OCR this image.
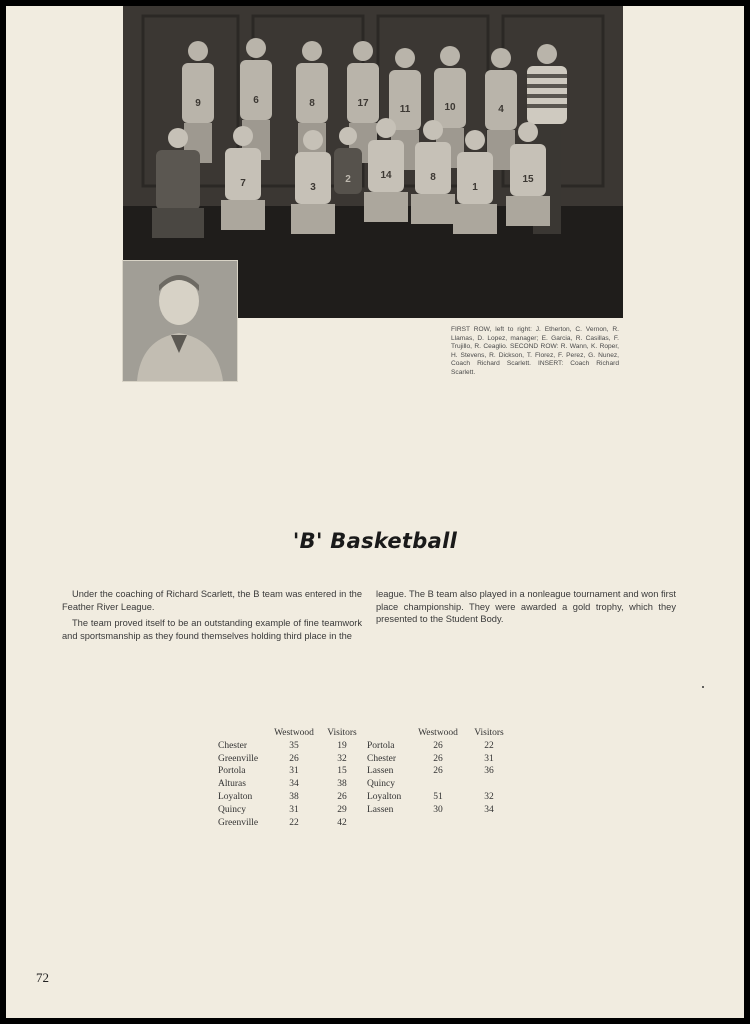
9	6	8	17
11	10	4
7	3
2	14	8
1
15
FIRST ROW, left to right: J. Etherton, C. Vernon, R. Llamas, D. Lopez, manager; E. Garcia, R. Casillas, F. Trujillo, R. Ceaglio. SECOND ROW: R. Wann, K. Roper, H. Stevens, R. Dickson, T. Florez, F. Perez, G. Nunez, Coach Richard Scarlett. INSERT: Coach Richard Scarlett.
'B' Basketball

Under the coaching of Richard Scarlett, the B team was entered in the Feather River League.

The team proved itself to be an outstanding example of fine teamwork and sportsmanship as they found themselves holding third place in the

league. The B team also played in a nonleague tournament and won first place championship. They were awarded a gold trophy, which they presented to the Student Body.

	Westwood	Visitors
Chester	35	19
Greenville	26	32
Portola	31	15
Alturas	34	38
Loyalton	38	26
Quincy	31	29
Greenville	22	42
	Westwood	Visitors
Portola	26	22
Chester	26	31
Lassen	26	36
Quincy		
Loyalton	51	32
Lassen	30	34
72
